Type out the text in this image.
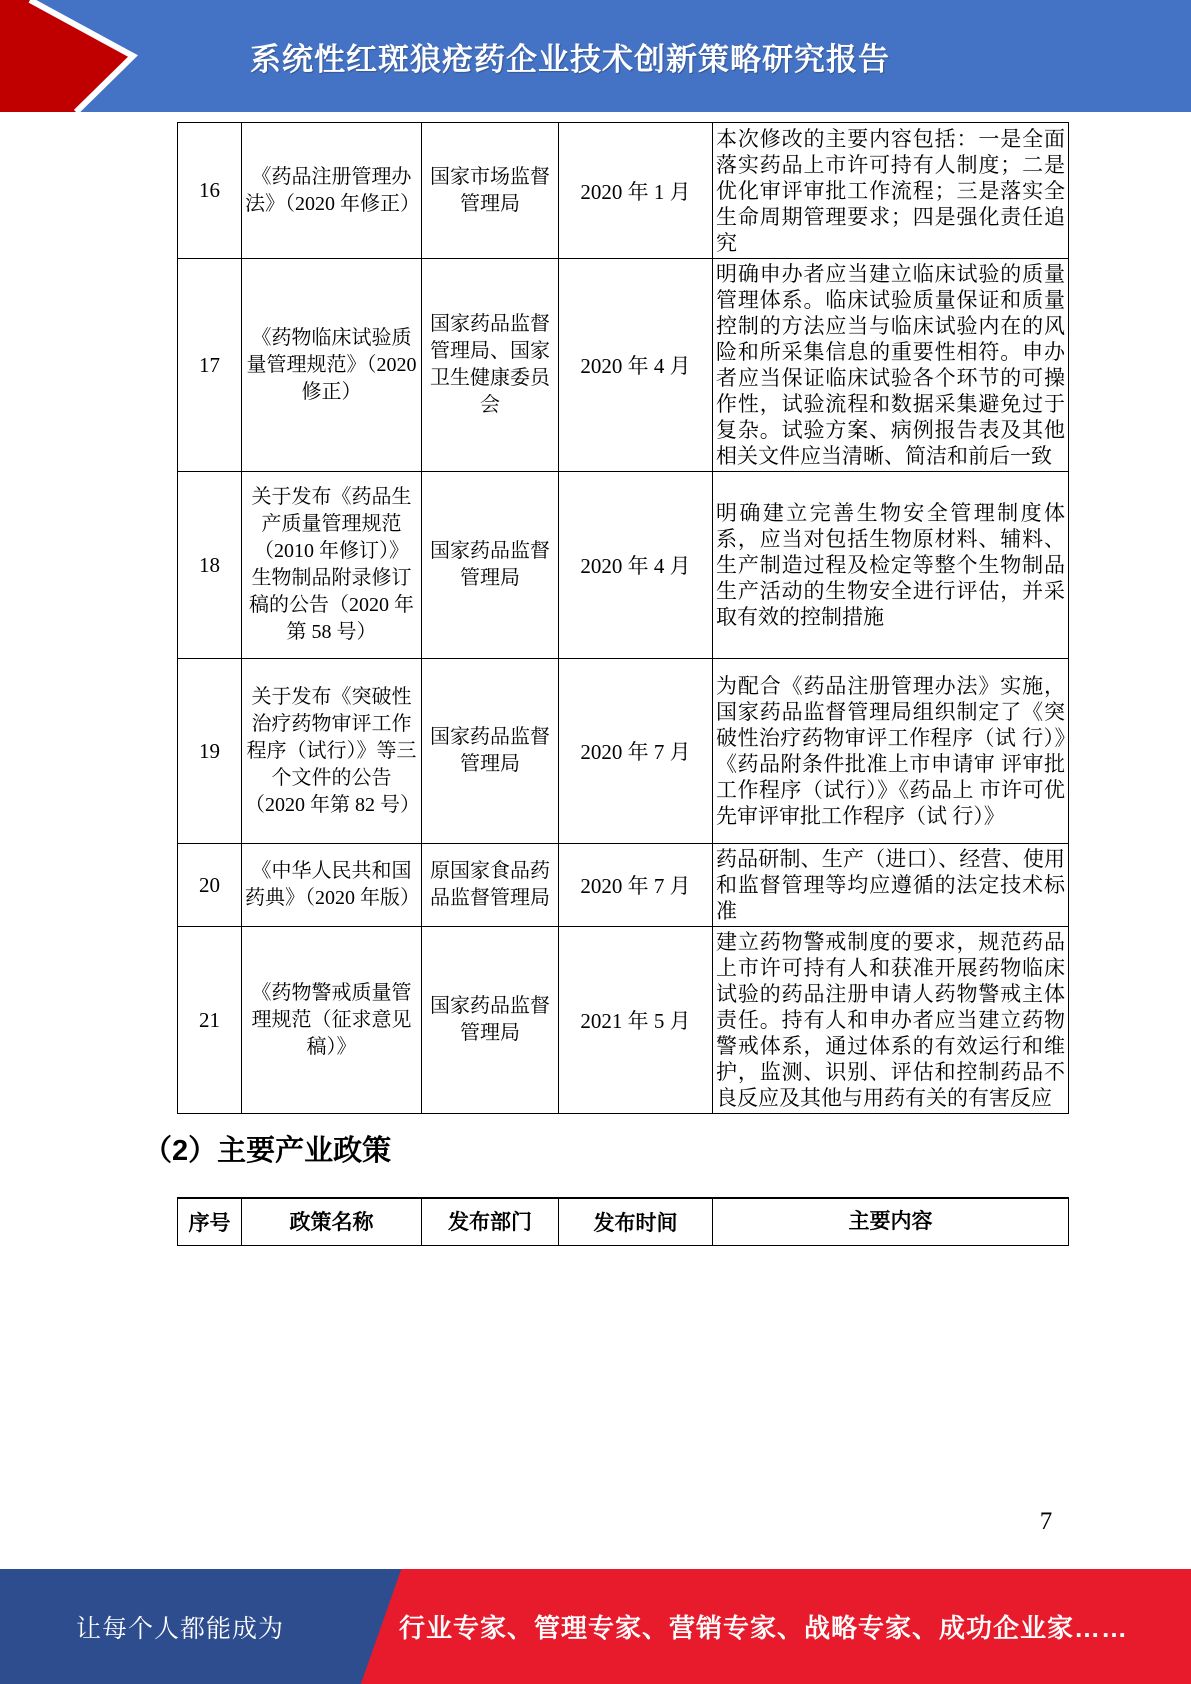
系统性红斑狼疮药企业技术创新策略研究报告
16	《药品注册管理办法》（2020 年修正）	国家市场监督管理局	2020 年 1 月	本次修改的主要内容包括：一是全面落实药品上市许可持有人制度；二是优化审评审批工作流程；三是落实全生命周期管理要求；四是强化责任追究
17	《药物临床试验质量管理规范》（2020 修正）	国家药品监督管理局、国家卫生健康委员会	2020 年 4 月	明确申办者应当建立临床试验的质量管理体系。临床试验质量保证和质量控制的方法应当与临床试验内在的风险和所采集信息的重要性相符。申办者应当保证临床试验各个环节的可操作性，试验流程和数据采集避免过于复杂。试验方案、病例报告表及其他相关文件应当清晰、简洁和前后一致
18	关于发布《药品生产质量管理规范（2010 年修订）》生物制品附录修订稿的公告（2020 年第 58 号）	国家药品监督管理局	2020 年 4 月	明确建立完善生物安全管理制度体系，应当对包括生物原材料、辅料、生产制造过程及检定等整个生物制品生产活动的生物安全进行评估，并采取有效的控制措施
19	关于发布《突破性治疗药物审评工作程序（试行）》等三个文件的公告（2020 年第 82 号）	国家药品监督管理局	2020 年 7 月	为配合《药品注册管理办法》实施，国家药品监督管理局组织制定了《突破性治疗药物审评工作程序（试 行）》《药品附条件批准上市申请审 评审批工作程序（试行）》《药品上 市许可优先审评审批工作程序（试 行）》
20	《中华人民共和国药典》（2020 年版）	原国家食品药品监督管理局	2020 年 7 月	药品研制、生产（进口）、经营、使用和监督管理等均应遵循的法定技术标准
21	《药物警戒质量管理规范（征求意见稿）》	国家药品监督管理局	2021 年 5 月	建立药物警戒制度的要求，规范药品上市许可持有人和获准开展药物临床试验的药品注册申请人药物警戒主体责任。持有人和申办者应当建立药物警戒体系，通过体系的有效运行和维护，监测、识别、评估和控制药品不良反应及其他与用药有关的有害反应
（2）主要产业政策
序号	政策名称	发布部门	发布时间	主要内容
7
让每个人都能成为	行业专家、管理专家、营销专家、战略专家、成功企业家……
